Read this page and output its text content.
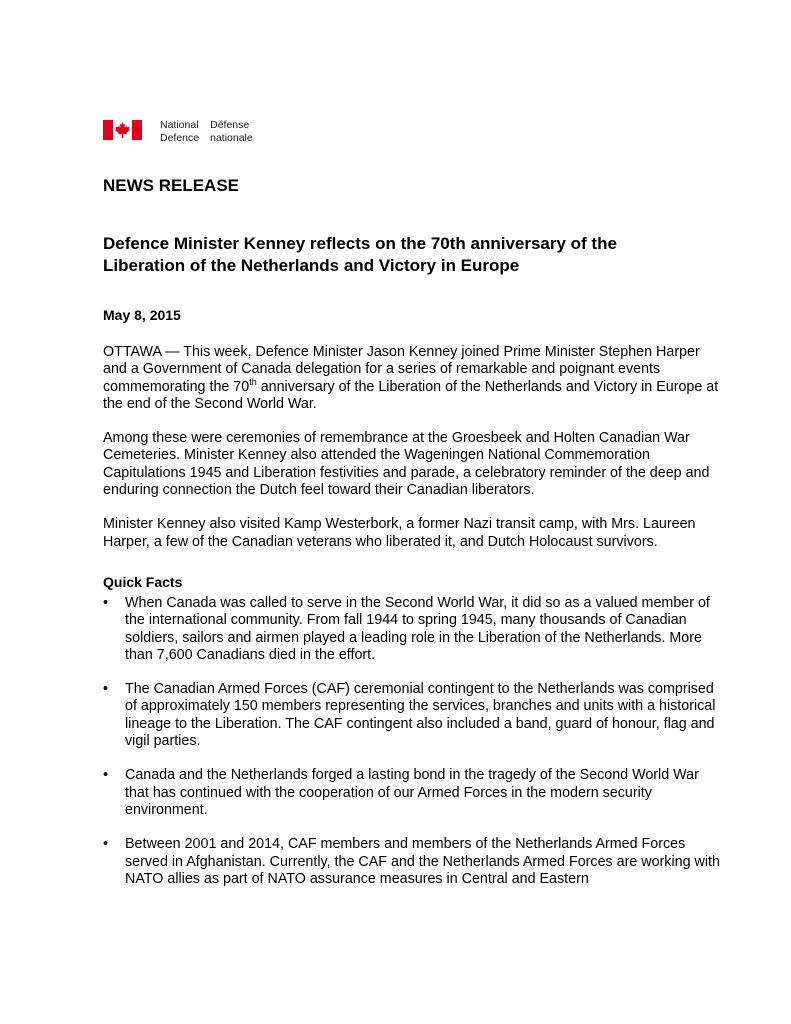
National Défense
Defence nationale
NEWS RELEASE
Defence Minister Kenney reflects on the 70th anniversary of the
Liberation of the Netherlands and Victory in Europe
May 8, 2015

OTTAWA — This week, Defence Minister Jason Kenney joined Prime Minister Stephen Harper and a Government of Canada delegation for a series of remarkable and poignant events commemorating the 70th anniversary of the Liberation of the Netherlands and Victory in Europe at the end of the Second World War.

Among these were ceremonies of remembrance at the Groesbeek and Holten Canadian War Cemeteries. Minister Kenney also attended the Wageningen National Commemoration Capitulations 1945 and Liberation festivities and parade, a celebratory reminder of the deep and enduring connection the Dutch feel toward their Canadian liberators.

Minister Kenney also visited Kamp Westerbork, a former Nazi transit camp, with Mrs. Laureen Harper, a few of the Canadian veterans who liberated it, and Dutch Holocaust survivors.

Quick Facts
• When Canada was called to serve in the Second World War, it did so as a valued member of the international community. From fall 1944 to spring 1945, many thousands of Canadian soldiers, sailors and airmen played a leading role in the Liberation of the Netherlands. More than 7,600 Canadians died in the effort.
• The Canadian Armed Forces (CAF) ceremonial contingent to the Netherlands was comprised of approximately 150 members representing the services, branches and units with a historical lineage to the Liberation. The CAF contingent also included a band, guard of honour, flag and vigil parties.
• Canada and the Netherlands forged a lasting bond in the tragedy of the Second World War that has continued with the cooperation of our Armed Forces in the modern security environment.
• Between 2001 and 2014, CAF members and members of the Netherlands Armed Forces served in Afghanistan. Currently, the CAF and the Netherlands Armed Forces are working with NATO allies as part of NATO assurance measures in Central and Eastern
